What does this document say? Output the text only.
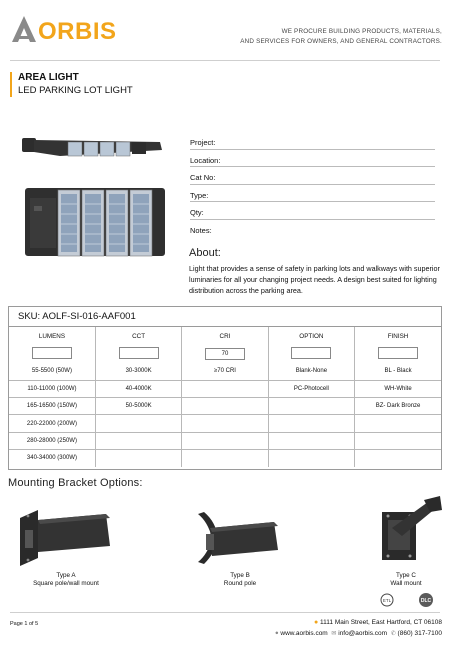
ORBIS	WE PROCURE BUILDING PRODUCTS, MATERIALS,
AND SERVICES FOR OWNERS, AND GENERAL CONTRACTORS.
AREA LIGHT
LED PARKING LOT LIGHT
Project:
Location:
Cat No:
Type:
Qty:
Notes:
About:
Light that provides a sense of safety in parking lots and walkways with superior luminaries for all your changing project needs. A design best suited for lighting distribution across the parking area.
SKU: AOLF-SI-016-AAF001
LUMENS	CCT	CRI	OPTION	FINISH
		70		
55-5500 (50W)	30-3000K	≥70 CRI	Blank-None	BL - Black
110-11000 (100W)	40-4000K		PC-Photocell	WH-White
165-16500 (150W)	50-5000K			BZ- Dark Bronze
220-22000 (200W)				
280-28000 (250W)				
340-34000 (300W)				
Mounting Bracket Options:
Type A
Square pole/wall mount
Type B
Round pole
Type C
Wall mount
ETL	DLC
Page 1 of 5	● 1111 Main Street, East Hartford, CT 06108
● www.aorbis.com ✉ info@aorbis.com ✆ (860) 317-7100
